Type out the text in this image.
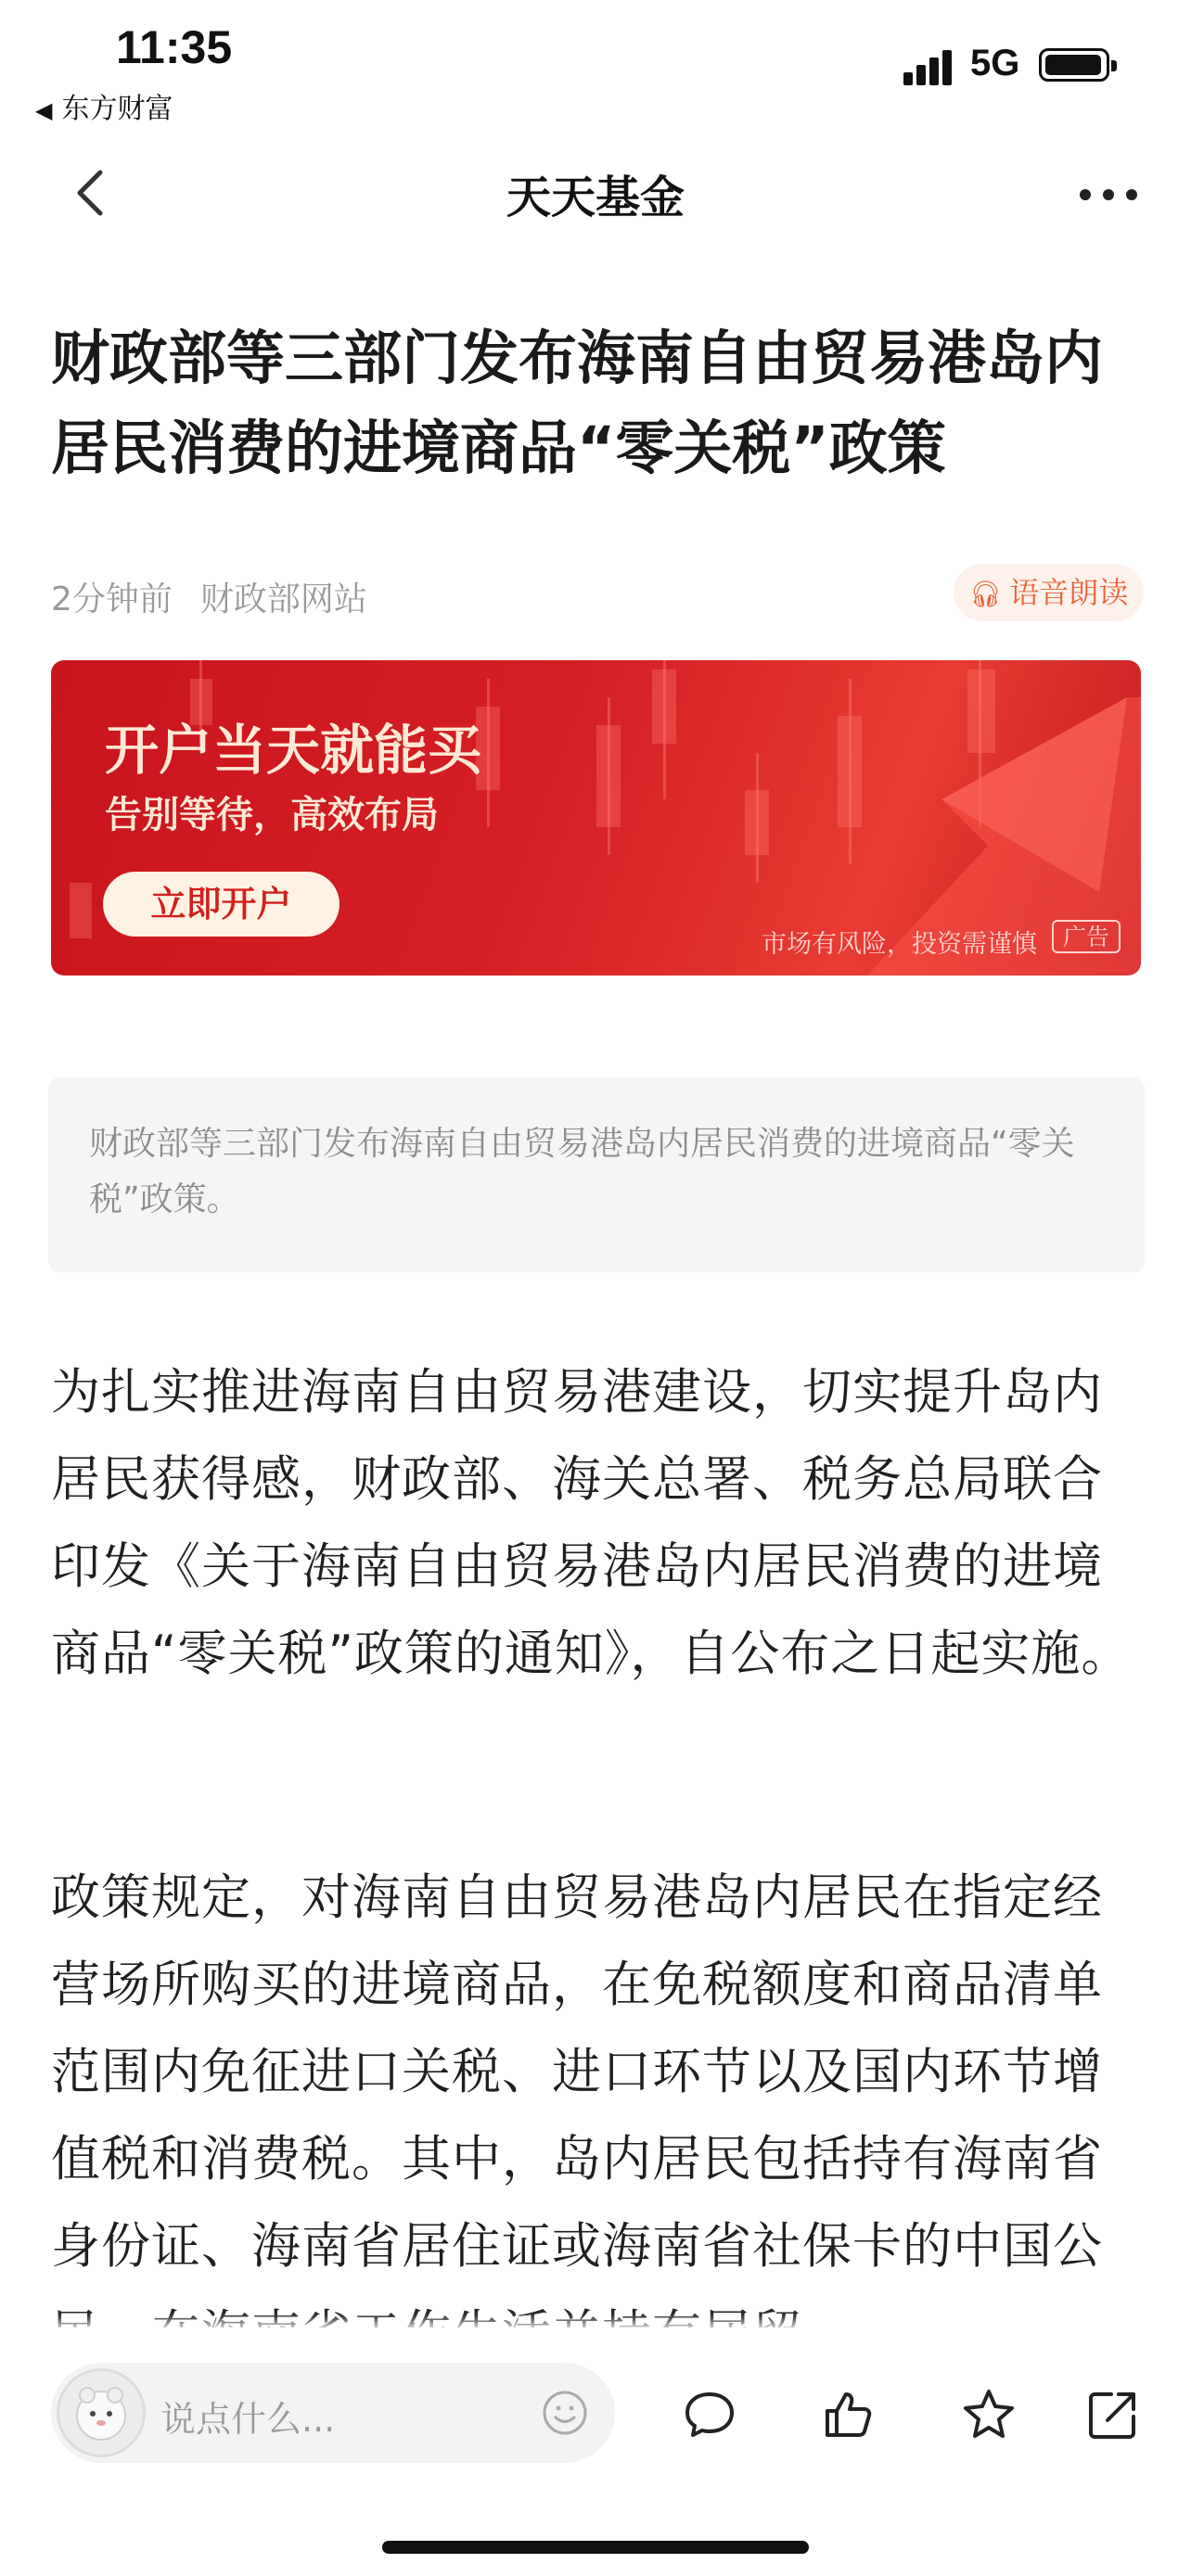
11:35
◀ 东方财富
5G
天天基金
财政部等三部门发布海南自由贸易港岛内居民消费的进境商品“零关税”政策
2分钟前 财政部网站	🎧︎ 语音朗读
开户当天就能买
告别等待，高效布局
立即开户
市场有风险，投资需谨慎	广告
财政部等三部门发布海南自由贸易港岛内居民消费的进境商品“零关税”政策。
为扎实推进海南自由贸易港建设，切实提升岛内居民获得感，财政部、海关总署、税务总局联合印发《关于海南自由贸易港岛内居民消费的进境商品“零关税”政策的通知》，自公布之日起实施。
政策规定，对海南自由贸易港岛内居民在指定经营场所购买的进境商品，在免税额度和商品清单范围内免征进口关税、进口环节以及国内环节增值税和消费税。其中，岛内居民包括持有海南省身份证、海南省居住证或海南省社保卡的中国公
说点什么...
